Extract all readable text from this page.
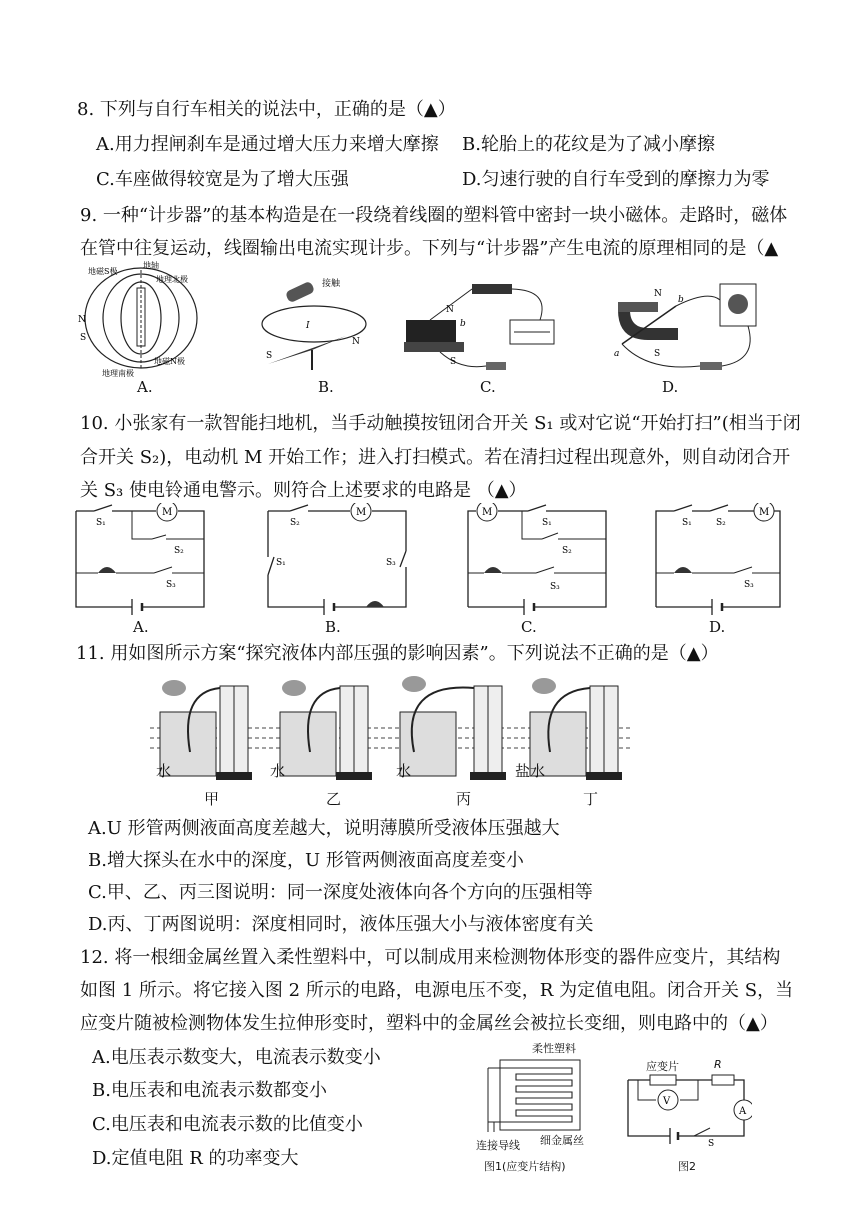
8. 下列与自行车相关的说法中，正确的是（▲）
A.用力捏闸刹车是通过增大压力来增大摩擦 B.轮胎上的花纹是为了减小摩擦
C.车座做得较宽是为了增大压强	D.匀速行驶的自行车受到的摩擦力为零
9. 一种“计步器”的基本构造是在一段绕着线圈的塑料管中密封一块小磁体。走路时，磁体
在管中往复运动，线圈输出电流实现计步。下列与“计步器”产生电流的原理相同的是（▲
地磁S极
地轴
地理北极
N
S
地理南极
地磁N极
A.
接触
I
N
S
B.
N
b
S
C.
N
b
a	S
D.
10. 小张家有一款智能扫地机，当手动触摸按钮闭合开关 S₁ 或对它说“开始打扫”(相当于闭
合开关 S₂)，电动机 M 开始工作；进入打扫模式。若在清扫过程出现意外，则自动闭合开
关 S₃ 使电铃通电警示。则符合上述要求的电路是 （▲）
M
S₁
S₂
S₃
A.
M
S₂
S₁	S₃
B.
M
S₁
S₂
S₃
C.
M
S₁	S₂
S₃
D.
11. 用如图所示方案“探究液体内部压强的影响因素”。下列说法不正确的是（▲）
水	水	水	盐水
甲	乙	丙	丁
A.U 形管两侧液面高度差越大，说明薄膜所受液体压强越大
B.增大探头在水中的深度，U 形管两侧液面高度差变小
C.甲、乙、丙三图说明：同一深度处液体向各个方向的压强相等
D.丙、丁两图说明：深度相同时，液体压强大小与液体密度有关
12. 将一根细金属丝置入柔性塑料中，可以制成用来检测物体形变的器件应变片，其结构
如图 1 所示。将它接入图 2 所示的电路，电源电压不变，R 为定值电阻。闭合开关 S，当
应变片随被检测物体发生拉伸形变时，塑料中的金属丝会被拉长变细，则电路中的（▲）
A.电压表示数变大，电流表示数变小
B.电压表和电流表示数都变小
C.电压表和电流表示数的比值变小
D.定值电阻 R 的功率变大
柔性塑料
连接导线 细金属丝
图1(应变片结构)
A
V
S
应变片	R
图2
